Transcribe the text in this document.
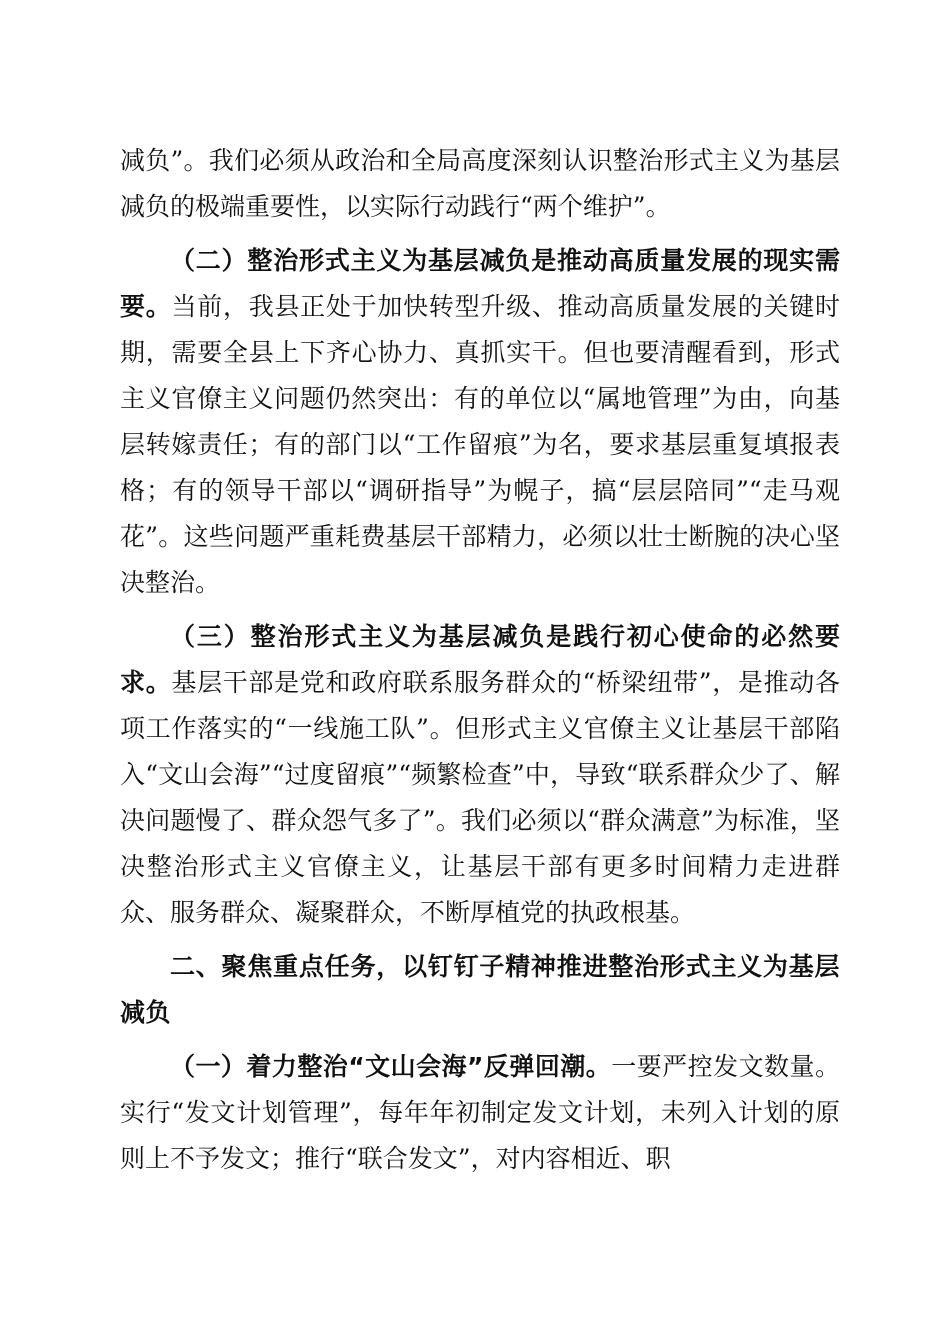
减负”。我们必须从政治和全局高度深刻认识整治形式主义为基层减负的极端重要性，以实际行动践行“两个维护”。

（二）整治形式主义为基层减负是推动高质量发展的现实需要。当前，我县正处于加快转型升级、推动高质量发展的关键时期，需要全县上下齐心协力、真抓实干。但也要清醒看到，形式主义官僚主义问题仍然突出：有的单位以“属地管理”为由，向基层转嫁责任；有的部门以“工作留痕”为名，要求基层重复填报表格；有的领导干部以“调研指导”为幌子，搞“层层陪同”“走马观花”。这些问题严重耗费基层干部精力，必须以壮士断腕的决心坚决整治。

（三）整治形式主义为基层减负是践行初心使命的必然要求。基层干部是党和政府联系服务群众的“桥梁纽带”，是推动各项工作落实的“一线施工队”。但形式主义官僚主义让基层干部陷入“文山会海”“过度留痕”“频繁检查”中，导致“联系群众少了、解决问题慢了、群众怨气多了”。我们必须以“群众满意”为标准，坚决整治形式主义官僚主义，让基层干部有更多时间精力走进群众、服务群众、凝聚群众，不断厚植党的执政根基。

二、聚焦重点任务，以钉钉子精神推进整治形式主义为基层减负

（一）着力整治“文山会海”反弹回潮。一要严控发文数量。实行“发文计划管理”，每年年初制定发文计划，未列入计划的原则上不予发文；推行“联合发文”，对内容相近、职
